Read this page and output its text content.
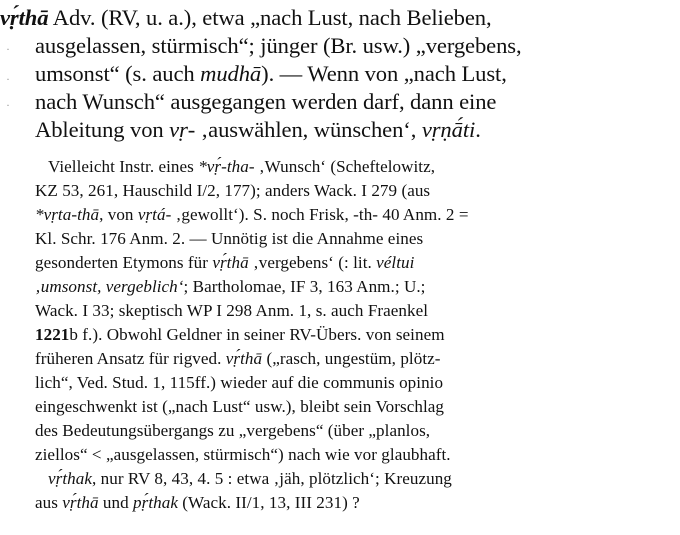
·
·
·
vṛ́thā Adv. (RV, u. a.), etwa „nach Lust, nach Belieben,
ausgelassen, stürmisch“; jünger (Br. usw.) „vergebens,
umsonst“ (s. auch mudhā). — Wenn von „nach Lust,
nach Wunsch“ ausgegangen werden darf, dann eine
Ableitung von vṛ- ‚auswählen, wünschen‘, vṛṇā́ti.
Vielleicht Instr. eines *vṛ́-tha- ‚Wunsch‘ (Scheftelowitz,
KZ 53, 261, Hauschild I/2, 177); anders Wack. I 279 (aus
*vṛta-thā, von vṛtá- ‚gewollt‘). S. noch Frisk, -th- 40 Anm. 2 =
Kl. Schr. 176 Anm. 2. — Unnötig ist die Annahme eines
gesonderten Etymons für vṛ́thā ‚vergebens‘ (: lit. véltui
‚umsonst, vergeblich‘; Bartholomae, IF 3, 163 Anm.; U.;
Wack. I 33; skeptisch WP I 298 Anm. 1, s. auch Fraenkel
1221b f.). Obwohl Geldner in seiner RV-Übers. von seinem
früheren Ansatz für rigved. vṛ́thā („rasch, ungestüm, plötz-
lich“, Ved. Stud. 1, 115ff.) wieder auf die communis opinio
eingeschwenkt ist („nach Lust“ usw.), bleibt sein Vorschlag
des Bedeutungsübergangs zu „vergebens“ (über „planlos,
ziellos“ < „ausgelassen, stürmisch“) nach wie vor glaubhaft.
vṛ́thak, nur RV 8, 43, 4. 5 : etwa ‚jäh, plötzlich‘; Kreuzung
aus vṛ́thā und pṛ́thak (Wack. II/1, 13, III 231) ?
